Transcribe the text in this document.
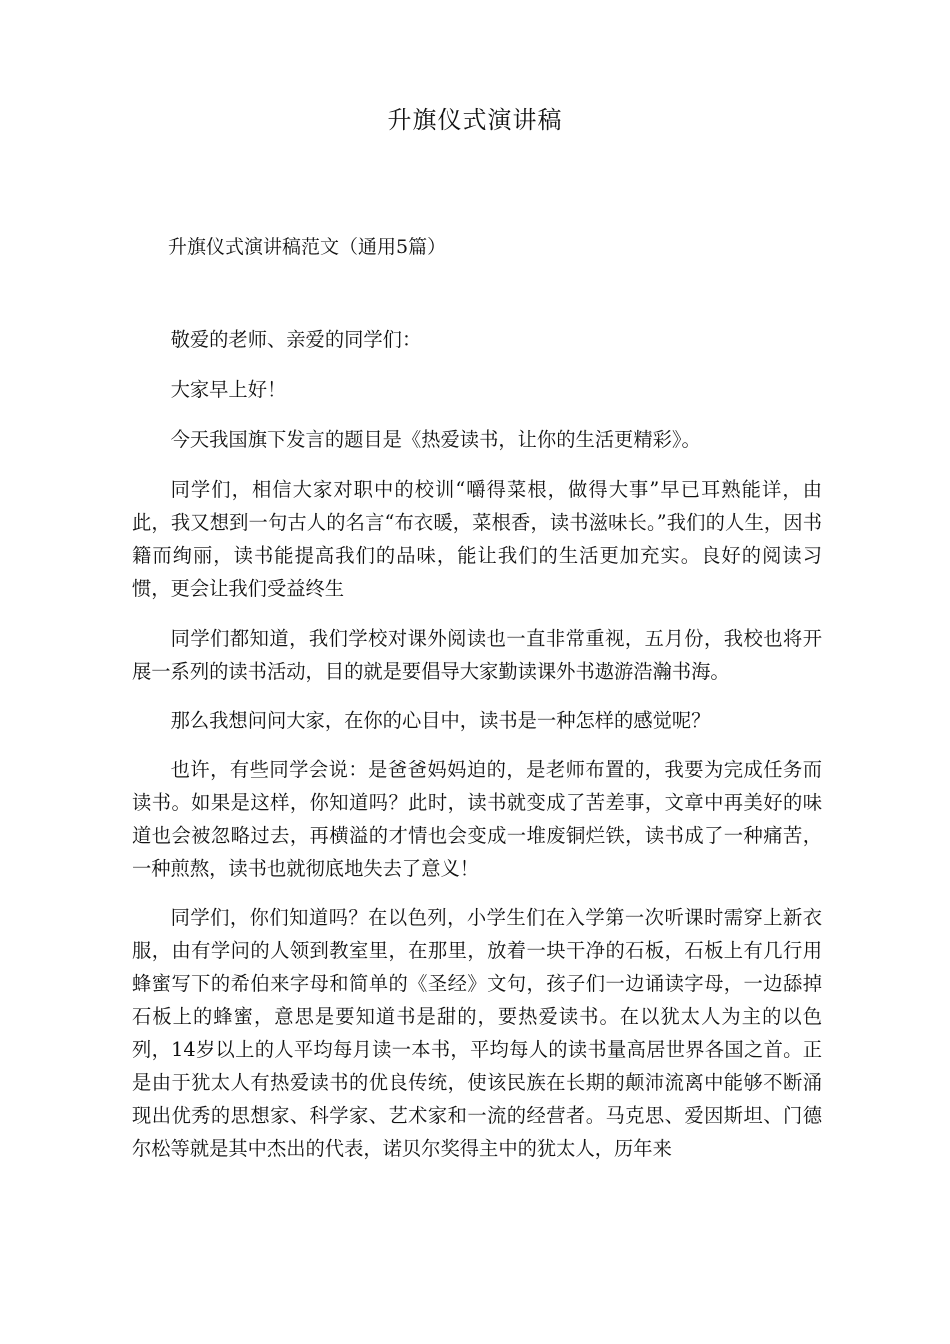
升旗仪式演讲稿
升旗仪式演讲稿范文（通用5篇）

敬爱的老师、亲爱的同学们：

大家早上好！

今天我国旗下发言的题目是《热爱读书，让你的生活更精彩》。

同学们，相信大家对职中的校训“嚼得菜根，做得大事”早已耳熟能详，由此，我又想到一句古人的名言“布衣暖，菜根香，读书滋味长。”我们的人生，因书籍而绚丽，读书能提高我们的品味，能让我们的生活更加充实。良好的阅读习惯，更会让我们受益终生

同学们都知道，我们学校对课外阅读也一直非常重视，五月份，我校也将开展一系列的读书活动，目的就是要倡导大家勤读课外书遨游浩瀚书海。

那么我想问问大家，在你的心目中，读书是一种怎样的感觉呢？

也许，有些同学会说：是爸爸妈妈迫的，是老师布置的，我要为完成任务而读书。如果是这样，你知道吗？此时，读书就变成了苦差事，文章中再美好的味道也会被忽略过去，再横溢的才情也会变成一堆废铜烂铁，读书成了一种痛苦，一种煎熬，读书也就彻底地失去了意义！

同学们，你们知道吗？在以色列，小学生们在入学第一次听课时需穿上新衣服，由有学问的人领到教室里，在那里，放着一块干净的石板，石板上有几行用蜂蜜写下的希伯来字母和简单的《圣经》文句，孩子们一边诵读字母，一边舔掉石板上的蜂蜜，意思是要知道书是甜的，要热爱读书。在以犹太人为主的以色列，14岁以上的人平均每月读一本书，平均每人的读书量高居世界各国之首。正是由于犹太人有热爱读书的优良传统，使该民族在长期的颠沛流离中能够不断涌现出优秀的思想家、科学家、艺术家和一流的经营者。马克思、爱因斯坦、门德尔松等就是其中杰出的代表，诺贝尔奖得主中的犹太人，历年来
